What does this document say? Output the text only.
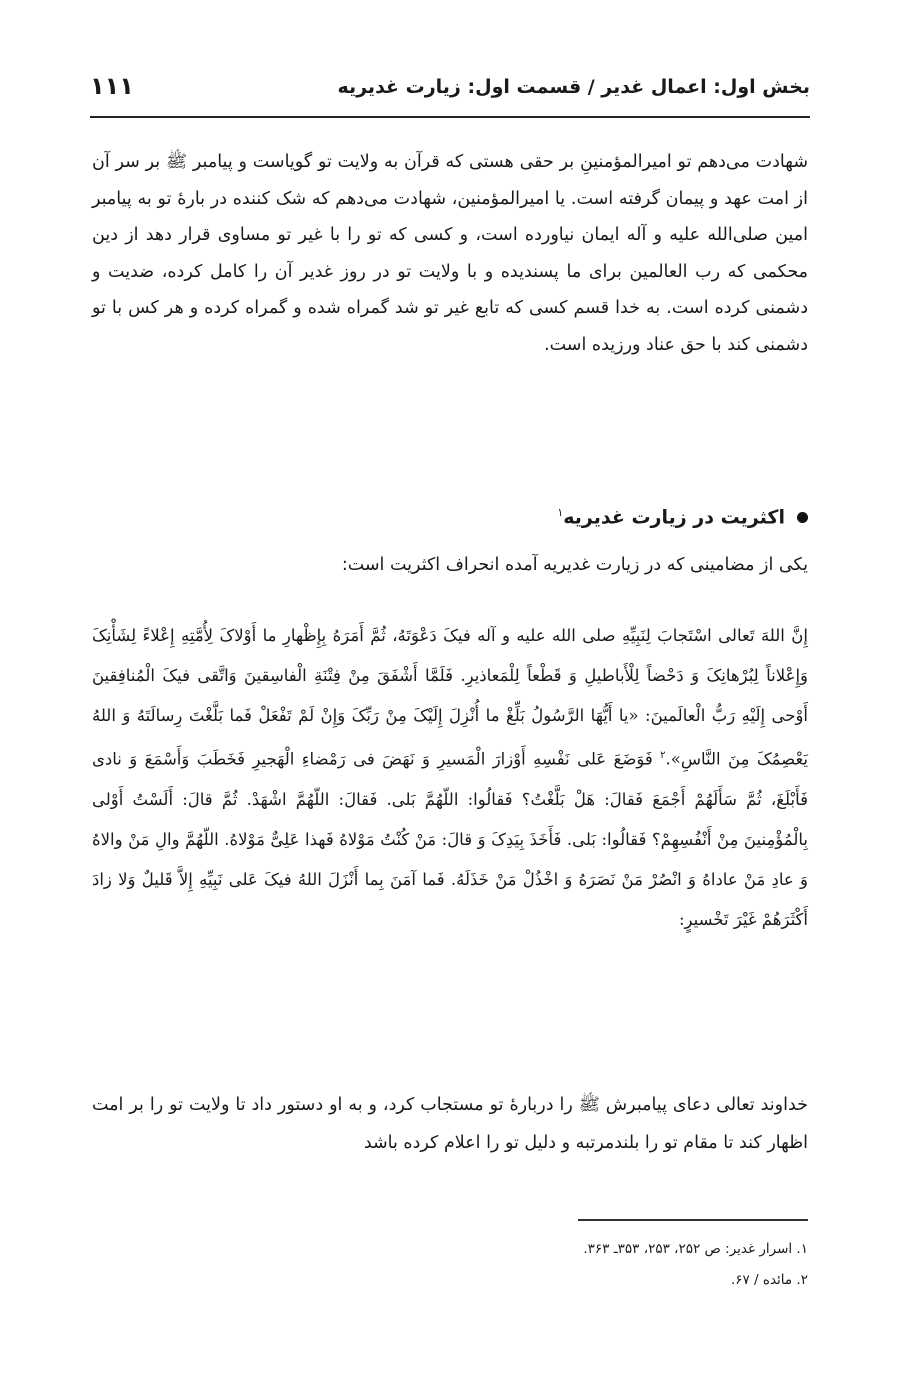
بخش اول: اعمال غدیر / قسمت اول: زیارت غدیریه
۱۱۱
شهادت می‌دهم تو امیرالمؤمنینِ بر حقی هستی که قرآن به ولایت تو گویاست و پیامبر ﷺ بر سر آن از امت عهد و پیمان گرفته است. یا امیرالمؤمنین، شهادت می‌دهم که شک کننده در بارهٔ تو به پیامبر امین صلی‌الله علیه و آله ایمان نیاورده است، و کسی که تو را با غیر تو مساوی قرار دهد از دین محکمی که رب العالمین برای ما پسندیده و با ولایت تو در روز غدیر آن را کامل کرده، ضدیت و دشمنی کرده است. به خدا قسم کسی که تابع غیر تو شد گمراه شده و گمراه کرده و هر کس با تو دشمنی کند با حق عناد ورزیده است.
اکثریت در زیارت غدیریه$^۱$
یکی از مضامینی که در زیارت غدیریه آمده انحراف اکثریت است:
إِنَّ اللهَ تَعالی اسْتَجابَ لِنَبِیِّهِ صلی الله علیه و آله فیکَ دَعْوَتَهُ، ثُمَّ أَمَرَهُ بِإِظْهارِ ما أَوْلاکَ لِأُمَّتِهِ إِعْلاءً لِشَأْنِکَ وَإِعْلاناً لِبُرْهانِکَ وَ دَحْضاً لِلْأَباطیلِ وَ قَطْعاً لِلْمَعاذیرِ. فَلَمَّا أَشْفَقَ مِنْ فِتْنَةِ الْفاسِقینَ وَاتَّقی فیکَ الْمُنافِقینَ أَوْحی إِلَیْهِ رَبُّ الْعالَمینَ: «یا أَیُّهَا الرَّسُولُ بَلِّغْ ما أُنْزِلَ إِلَیْکَ مِنْ رَبِّکَ وَإِنْ لَمْ تَفْعَلْ فَما بَلَّغْتَ رِسالَتَهُ وَ اللهُ یَعْصِمُکَ مِنَ النَّاسِ».$^۲$ فَوَضَعَ عَلی نَفْسِهِ أَوْزارَ الْمَسیرِ وَ نَهَضَ فی رَمْضاءِ الْهَجیرِ فَخَطَبَ وَأَسْمَعَ وَ نادی فَأَبْلَغَ، ثُمَّ سَأَلَهُمْ أَجْمَعَ فَقالَ: هَلْ بَلَّغْتُ؟ فَقالُوا: اللّهُمَّ بَلی. فَقالَ: اللّهُمَّ اشْهَدْ. ثُمَّ قالَ: أَلَسْتُ أَوْلی بِالْمُؤْمِنینَ مِنْ أَنْفُسِهِمْ؟ فَقالُوا: بَلی. فَأَخَذَ بِیَدِکَ وَ قالَ: مَنْ کُنْتُ مَوْلاهُ فَهذا عَلِیٌّ مَوْلاهُ. اللّهُمَّ والِ مَنْ والاهُ وَ عادِ مَنْ عاداهُ وَ انْصُرْ مَنْ نَصَرَهُ وَ اخْذُلْ مَنْ خَذَلَهُ. فَما آمَنَ بِما أَنْزَلَ اللهُ فیکَ عَلی نَبِیِّهِ إِلاَّ قَلیلٌ وَلا زادَ أَکْثَرَهُمْ غَیْرَ تَخْسیرٍ:
خداوند تعالی دعای پیامبرش ﷺ را دربارهٔ تو مستجاب کرد، و به او دستور داد تا ولایت تو را بر امت اظهار کند تا مقام تو را بلندمرتبه و دلیل تو را اعلام کرده باشد
۱. اسرار غدیر: ص ۲۵۲، ۲۵۳، ۳۵۳ـ ۳۶۳.
۲. مائده / ۶۷.
